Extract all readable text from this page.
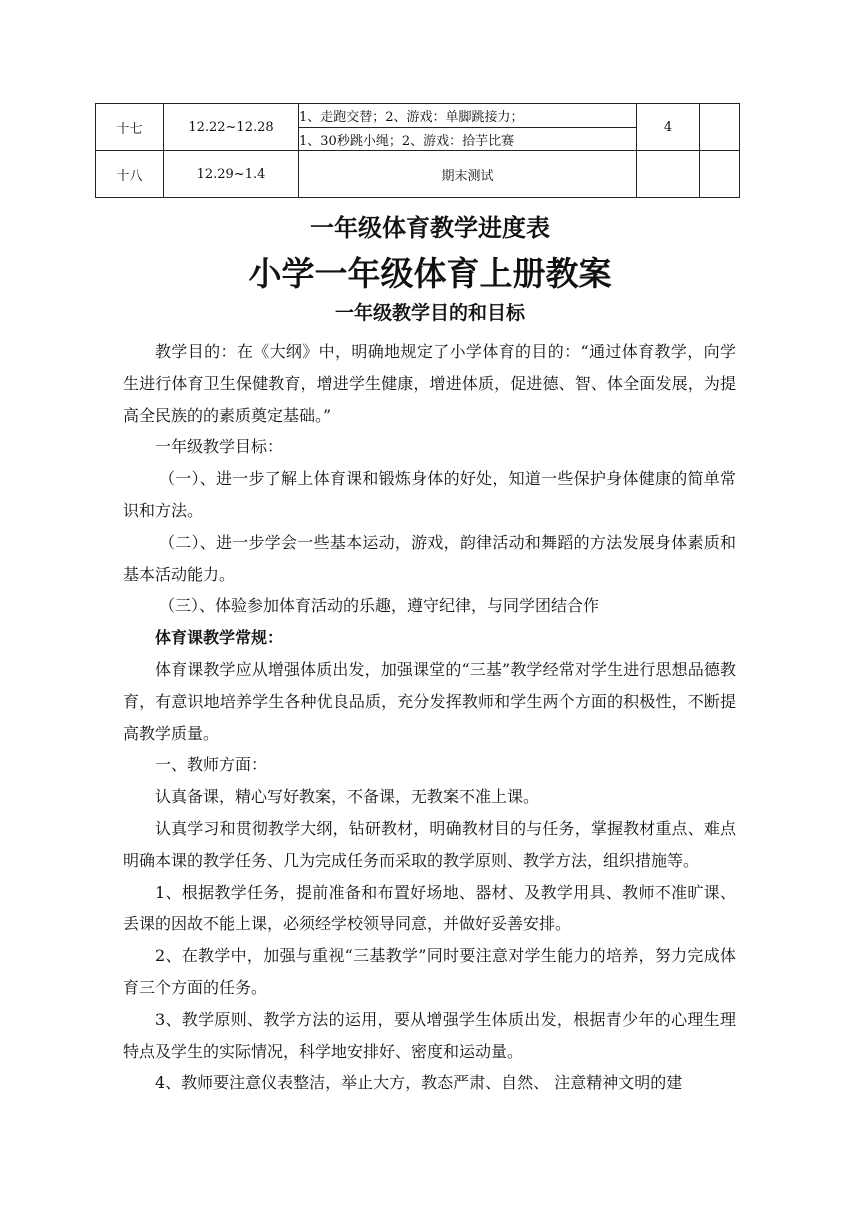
十七	12.22~12.28	1、走跑交替；2、游戏：单脚跳接力；	4	
		1、30秒跳小绳；2、游戏：拾芋比赛		
十八	12.29~1.4	期末测试		
一年级体育教学进度表
小学一年级体育上册教案
一年级教学目的和目标

教学目的：在《大纲》中，明确地规定了小学体育的目的：“通过体育教学，向学生进行体育卫生保健教育，增进学生健康，增进体质，促进德、智、体全面发展，为提高全民族的的素质奠定基础。”

一年级教学目标：

（一）、进一步了解上体育课和锻炼身体的好处，知道一些保护身体健康的简单常识和方法。

（二）、进一步学会一些基本运动，游戏，韵律活动和舞蹈的方法发展身体素质和基本活动能力。

（三）、体验参加体育活动的乐趣，遵守纪律，与同学团结合作

体育课教学常规：

体育课教学应从增强体质出发，加强课堂的“三基”教学经常对学生进行思想品德教育，有意识地培养学生各种优良品质，充分发挥教师和学生两个方面的积极性，不断提高教学质量。

一、教师方面：

认真备课，精心写好教案，不备课，无教案不准上课。

认真学习和贯彻教学大纲，钻研教材，明确教材目的与任务，掌握教材重点、难点明确本课的教学任务、几为完成任务而采取的教学原则、教学方法，组织措施等。

1、根据教学任务，提前准备和布置好场地、器材、及教学用具、教师不准旷课、丢课的因故不能上课，必须经学校领导同意，并做好妥善安排。

2、在教学中，加强与重视“三基教学”同时要注意对学生能力的培养，努力完成体育三个方面的任务。

3、教学原则、教学方法的运用，要从增强学生体质出发，根据青少年的心理生理特点及学生的实际情况，科学地安排好、密度和运动量。

4、教师要注意仪表整洁，举止大方，教态严肃、自然、 注意精神文明的建
